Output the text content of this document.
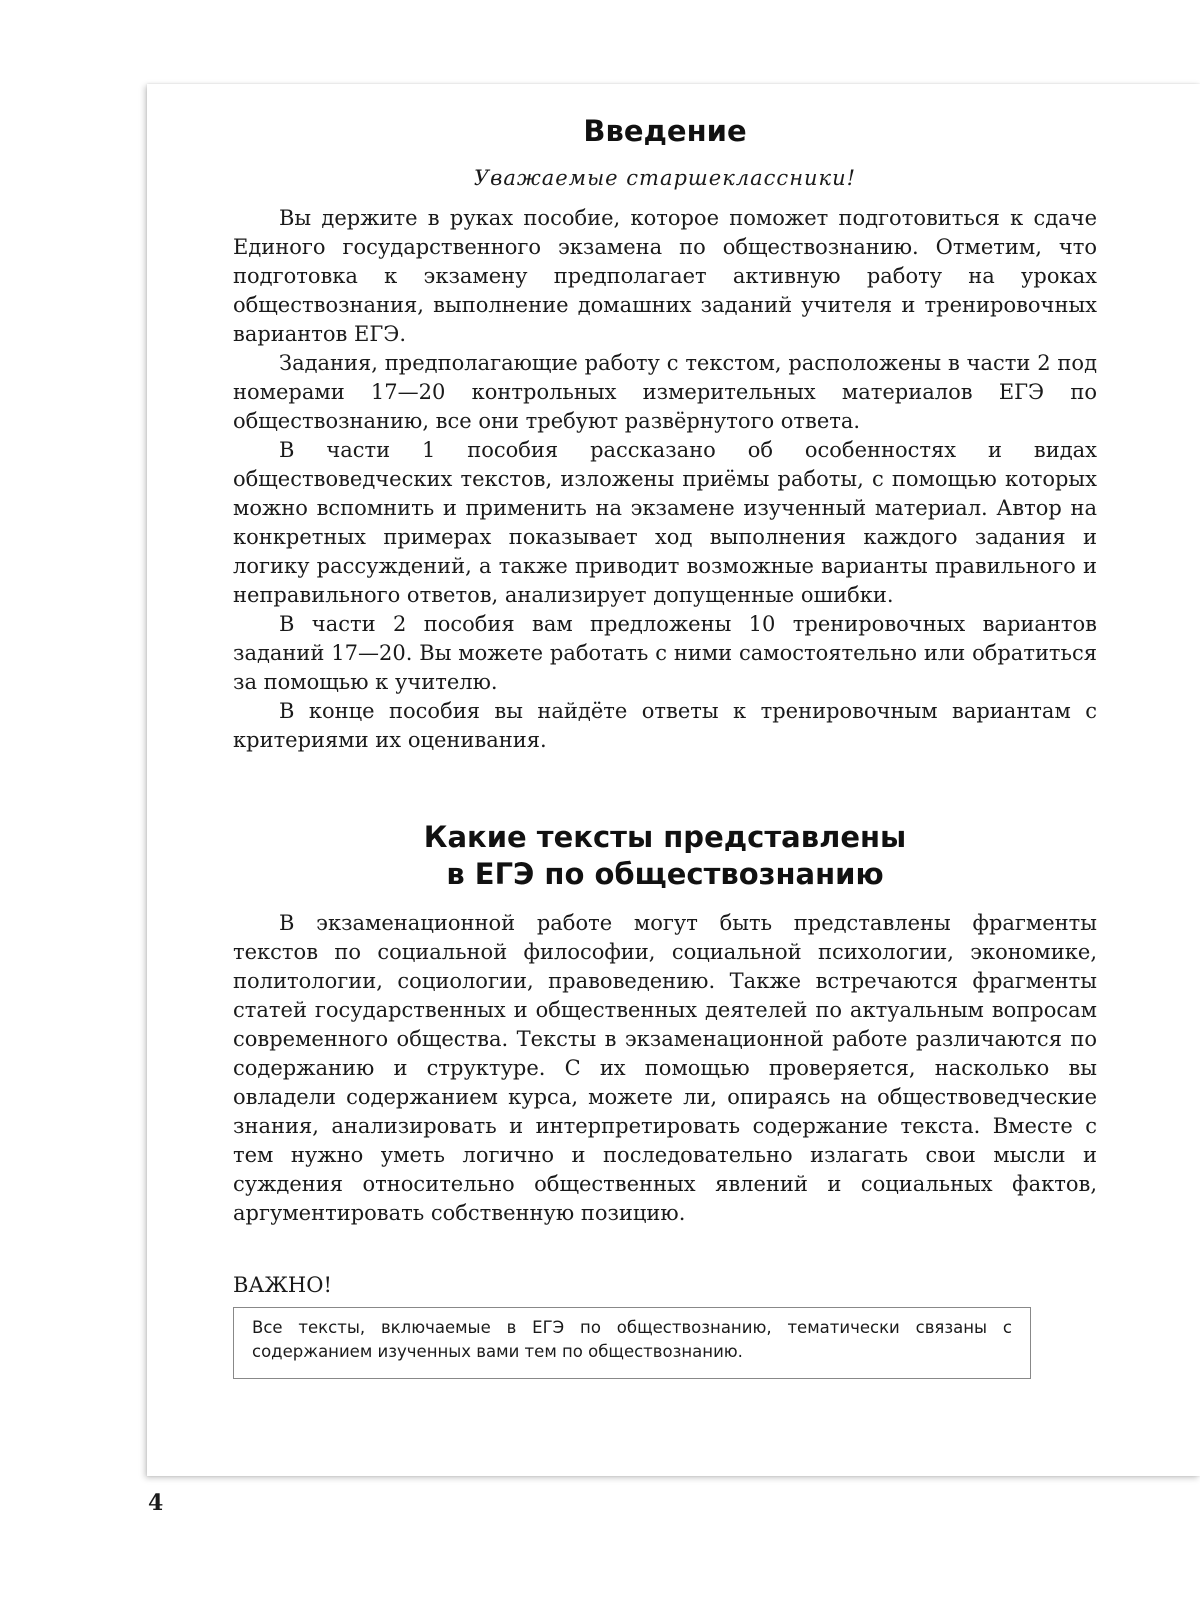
Введение

Уважаемые старшеклассники!

Вы держите в руках пособие, которое поможет подготовиться к сдаче Единого государственного экзамена по обществознанию. Отметим, что подготовка к экзамену предполагает активную работу на уроках обществознания, выполнение домашних заданий учителя и тренировочных вариантов ЕГЭ.

Задания, предполагающие работу с текстом, расположены в части 2 под номерами 17—20 контрольных измерительных материалов ЕГЭ по обществознанию, все они требуют развёрнутого ответа.

В части 1 пособия рассказано об особенностях и видах обществоведческих текстов, изложены приёмы работы, с помощью которых можно вспомнить и применить на экзамене изученный материал. Автор на конкретных примерах показывает ход выполнения каждого задания и логику рассуждений, а также приводит возможные варианты правильного и неправильного ответов, анализирует допущенные ошибки.

В части 2 пособия вам предложены 10 тренировочных вариантов заданий 17—20. Вы можете работать с ними самостоятельно или обратиться за помощью к учителю.

В конце пособия вы найдёте ответы к тренировочным вариантам с критериями их оценивания.

Какие тексты представлены
в ЕГЭ по обществознанию

В экзаменационной работе могут быть представлены фрагменты текстов по социальной философии, социальной психологии, экономике, политологии, социологии, правоведению. Также встречаются фрагменты статей государственных и общественных деятелей по актуальным вопросам современного общества. Тексты в экзаменационной работе различаются по содержанию и структуре. С их помощью проверяется, насколько вы овладели содержанием курса, можете ли, опираясь на обществоведческие знания, анализировать и интерпретировать содержание текста. Вместе с тем нужно уметь логично и последовательно излагать свои мысли и суждения относительно общественных явлений и социальных фактов, аргументировать собственную позицию.

ВАЖНО!

Все тексты, включаемые в ЕГЭ по обществознанию, тематически связаны с содержанием изученных вами тем по обществознанию.
4
